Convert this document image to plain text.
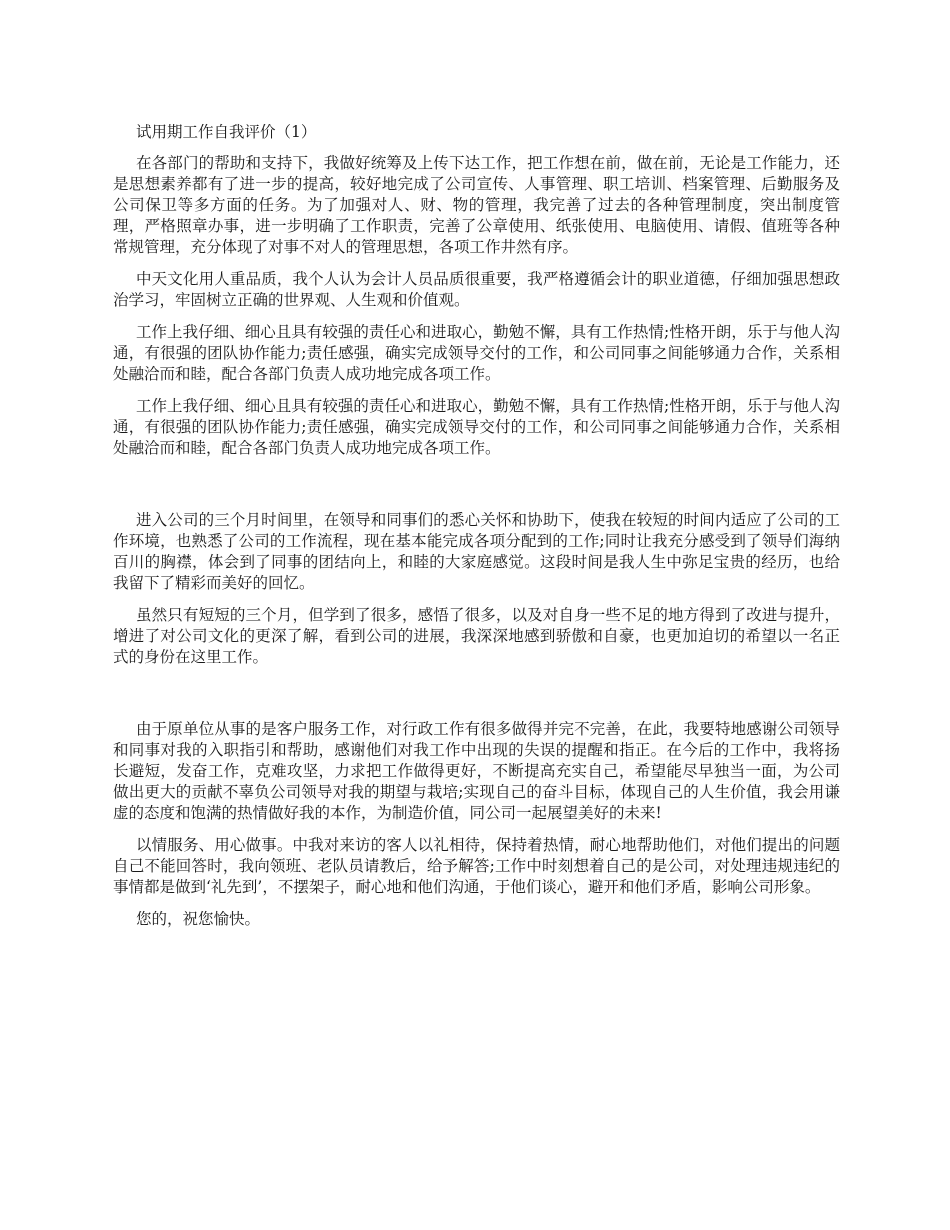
试用期工作自我评价（1）

在各部门的帮助和支持下，我做好统筹及上传下达工作，把工作想在前，做在前，无论是工作能力，还是思想素养都有了进一步的提高，较好地完成了公司宣传、人事管理、职工培训、档案管理、后勤服务及公司保卫等多方面的任务。为了加强对人、财、物的管理，我完善了过去的各种管理制度，突出制度管理，严格照章办事，进一步明确了工作职责，完善了公章使用、纸张使用、电脑使用、请假、值班等各种常规管理，充分体现了对事不对人的管理思想，各项工作井然有序。

中天文化用人重品质，我个人认为会计人员品质很重要，我严格遵循会计的职业道德，仔细加强思想政治学习，牢固树立正确的世界观、人生观和价值观。

工作上我仔细、细心且具有较强的责任心和进取心，勤勉不懈，具有工作热情;性格开朗，乐于与他人沟通，有很强的团队协作能力;责任感强，确实完成领导交付的工作，和公司同事之间能够通力合作，关系相处融洽而和睦，配合各部门负责人成功地完成各项工作。

工作上我仔细、细心且具有较强的责任心和进取心，勤勉不懈，具有工作热情;性格开朗，乐于与他人沟通，有很强的团队协作能力;责任感强，确实完成领导交付的工作，和公司同事之间能够通力合作，关系相处融洽而和睦，配合各部门负责人成功地完成各项工作。

进入公司的三个月时间里，在领导和同事们的悉心关怀和协助下，使我在较短的时间内适应了公司的工作环境，也熟悉了公司的工作流程，现在基本能完成各项分配到的工作;同时让我充分感受到了领导们海纳百川的胸襟，体会到了同事的团结向上，和睦的大家庭感觉。这段时间是我人生中弥足宝贵的经历，也给我留下了精彩而美好的回忆。

虽然只有短短的三个月，但学到了很多，感悟了很多，以及对自身一些不足的地方得到了改进与提升，增进了对公司文化的更深了解，看到公司的进展，我深深地感到骄傲和自豪，也更加迫切的希望以一名正式的身份在这里工作。

由于原单位从事的是客户服务工作，对行政工作有很多做得并完不完善，在此，我要特地感谢公司领导和同事对我的入职指引和帮助，感谢他们对我工作中出现的失误的提醒和指正。在今后的工作中，我将扬长避短，发奋工作，克难攻坚，力求把工作做得更好，不断提高充实自己，希望能尽早独当一面，为公司做出更大的贡献不辜负公司领导对我的期望与栽培;实现自己的奋斗目标，体现自己的人生价值，我会用谦虚的态度和饱满的热情做好我的本作，为制造价值，同公司一起展望美好的未来!

以情服务、用心做事。中我对来访的客人以礼相待，保持着热情，耐心地帮助他们，对他们提出的问题自己不能回答时，我向领班、老队员请教后，给予解答;工作中时刻想着自己的是公司，对处理违规违纪的事情都是做到‘礼先到’，不摆架子，耐心地和他们沟通，于他们谈心，避开和他们矛盾，影响公司形象。

您的，祝您愉快。
